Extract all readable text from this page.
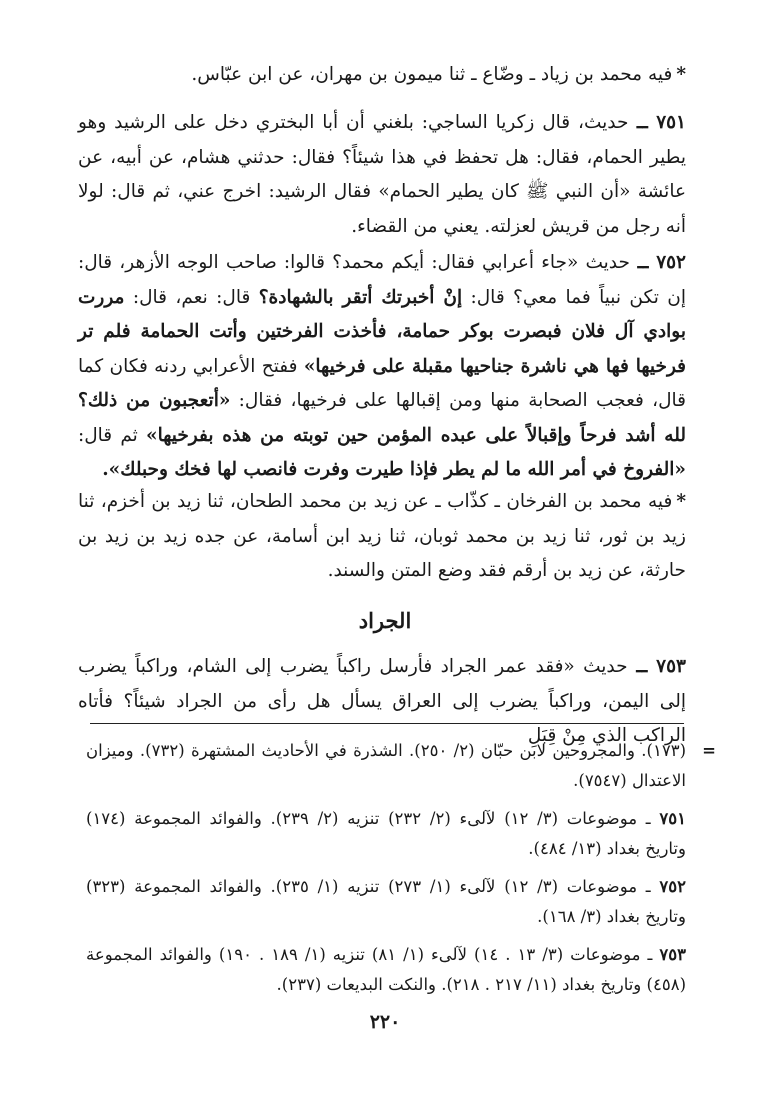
*فيه محمد بن زياد ـ وضّاع ـ ثنا ميمون بن مهران، عن ابن عبّاس.

٧٥١ ــ حديث، قال زكريا الساجي: بلغني أن أبا البختري دخل على الرشيد وهو يطير الحمام، فقال: هل تحفظ في هذا شيئاً؟ فقال: حدثني هشام، عن أبيه، عن عائشة «أن النبي ﷺ كان يطير الحمام» فقال الرشيد: اخرج عني، ثم قال: لولا أنه رجل من قريش لعزلته. يعني من القضاء.

٧٥٢ ــ حديث «جاء أعرابي فقال: أيكم محمد؟ قالوا: صاحب الوجه الأزهر، قال: إن تكن نبياً فما معي؟ قال: إنْ أخبرتك أتقر بالشهادة؟ قال: نعم، قال: مررت بوادي آل فلان فبصرت بوكر حمامة، فأخذت الفرختين وأتت الحمامة فلم تر فرخيها فها هي ناشرة جناحيها مقبلة على فرخيها» ففتح الأعرابي ردنه فكان كما قال، فعجب الصحابة منها ومن إقبالها على فرخيها، فقال: «أتعجبون من ذلك؟ لله أشد فرحاً وإقبالاً على عبده المؤمن حين توبته من هذه بفرخيها» ثم قال: «الفروخ في أمر الله ما لم يطر فإذا طيرت وفرت فانصب لها فخك وحبلك».

*فيه محمد بن الفرخان ـ كذّاب ـ عن زيد بن محمد الطحان، ثنا زيد بن أخزم، ثنا زيد بن ثور، ثنا زيد بن محمد ثوبان، ثنا زيد ابن أسامة، عن جده زيد بن زيد بن حارثة، عن زيد بن أرقم فقد وضع المتن والسند.

الجراد

٧٥٣ ــ حديث «فقد عمر الجراد فأرسل راكباً يضرب إلى الشام، وراكباً يضرب إلى اليمن، وراكباً يضرب إلى العراق يسأل هل رأى من الجراد شيئاً؟ فأتاه الراكب الذي مِنْ قِبَلِ

=
(١٧٣). والمجروحين لابن حبّان (٢/ ٢٥٠). الشذرة في الأحاديث المشتهرة (٧٣٢). وميزان الاعتدال (٧٥٤٧).

٧٥١ ـ موضوعات (٣/ ١٢) لآلىء (٢/ ٢٣٢) تنزيه (٢/ ٢٣٩). والفوائد المجموعة (١٧٤) وتاريخ بغداد (١٣/ ٤٨٤).

٧٥٢ ـ موضوعات (٣/ ١٢) لآلىء (١/ ٢٧٣) تنزيه (١/ ٢٣٥). والفوائد المجموعة (٣٢٣) وتاريخ بغداد (٣/ ١٦٨).

٧٥٣ ـ موضوعات (٣/ ١٣ . ١٤) لآلىء (١/ ٨١) تنزيه (١/ ١٨٩ . ١٩٠) والفوائد المجموعة (٤٥٨) وتاريخ بغداد (١١/ ٢١٧ . ٢١٨). والنكت البديعات (٢٣٧).

٢٢٠
